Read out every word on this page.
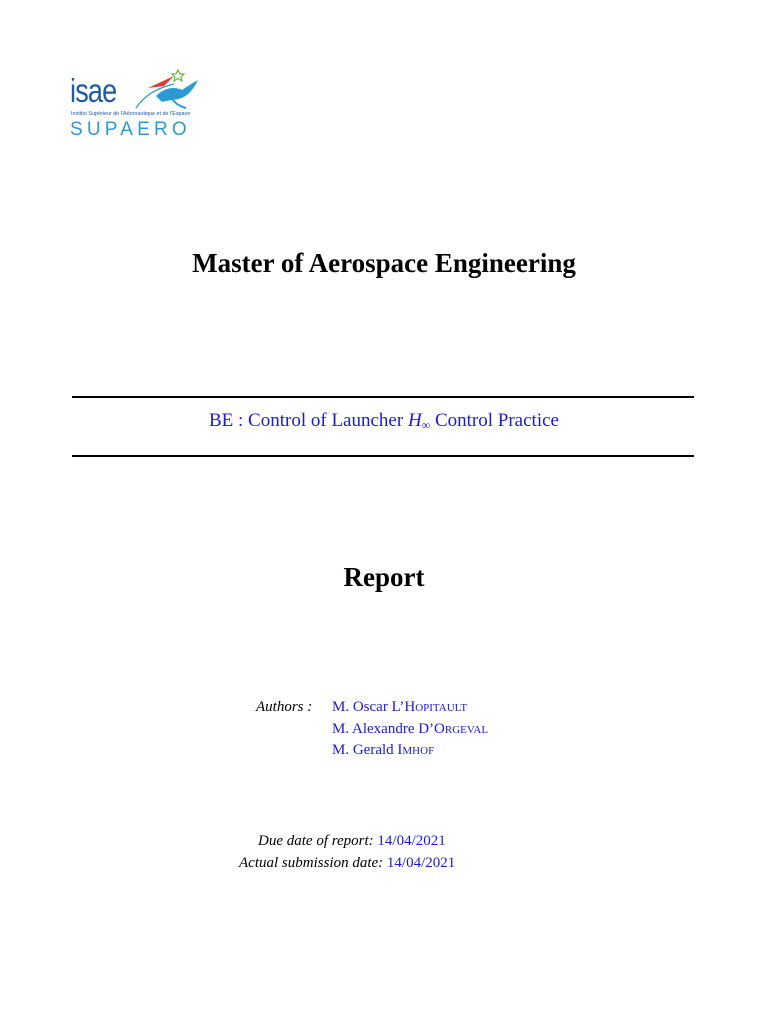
isae
Institut Supérieur de l'Aéronautique et de l'Espace
SUPAERO
Master of Aerospace Engineering
BE : Control of Launcher $H_\infty$ Control Practice
Report
Authors : M. Oscar L’Hopitault
M. Alexandre D’Orgeval
M. Gerald Imhof
Due date of report: 14/04/2021
Actual submission date: 14/04/2021
